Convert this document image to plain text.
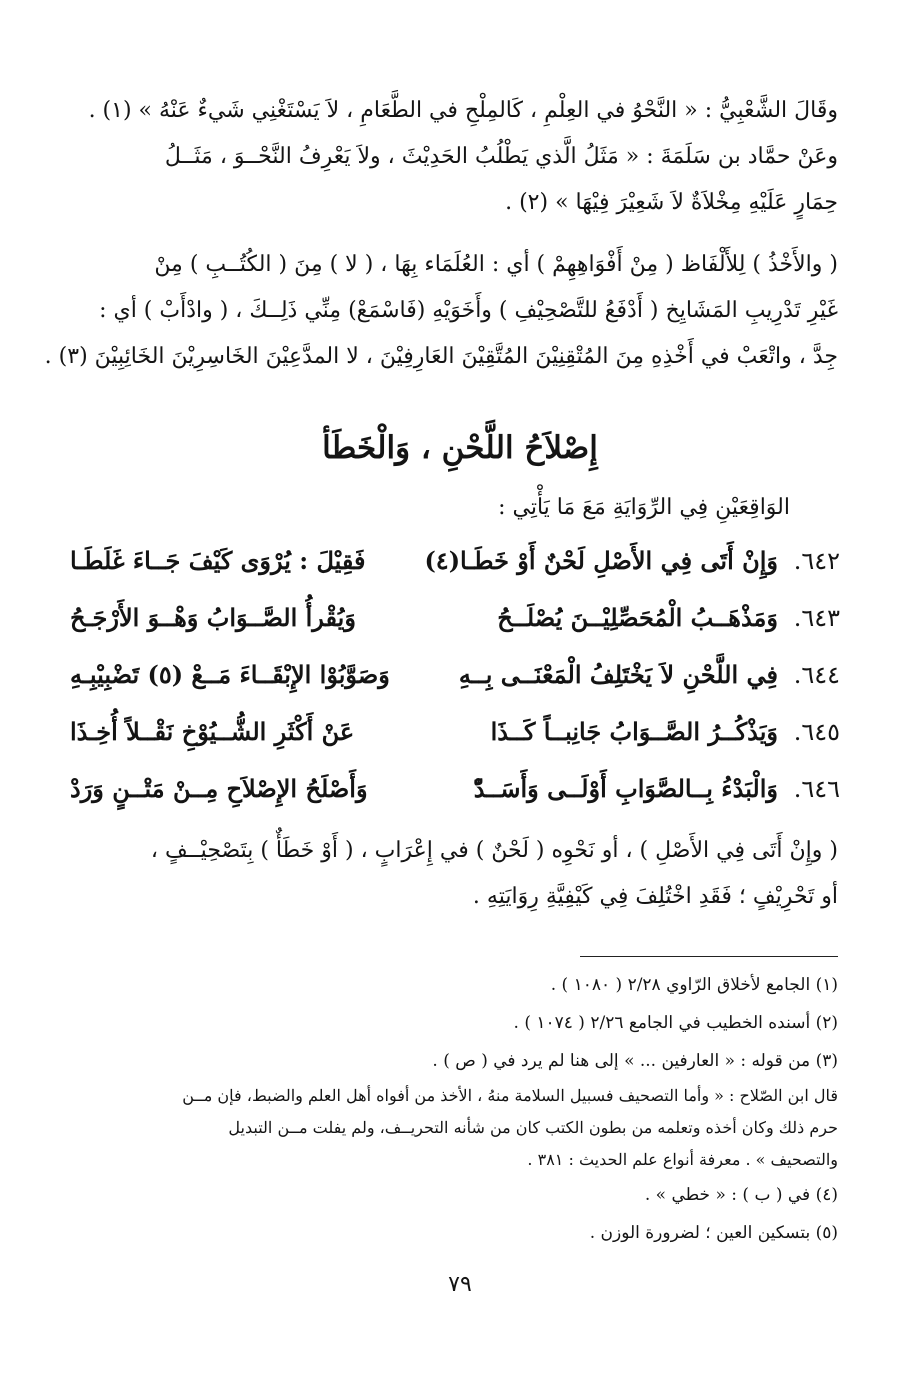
وقَالَ الشَّعْبِيُّ : « النَّحْوُ في العِلْمِ ، كَالمِلْحِ في الطَّعَامِ ، لاَ يَسْتَغْنِي شَيءٌ عَنْهُ » (١) .
وعَنْ حمَّاد بن سَلَمَةَ : « مَثَلُ الَّذي يَطْلُبُ الحَدِيْثَ ، ولاَ يَعْرِفُ النَّحْــوَ ، مَثَــلُ
حِمَارٍ عَلَيْهِ مِخْلاَةٌ لاَ شَعِيْرَ فِيْهَا » (٢) .
( والأَخْذُ ) لِلأَلْفَاظ ( مِنْ أَفْوَاهِهِمْ ) أي : العُلَمَاء بِهَا ، ( لا ) مِنَ ( الكُتُــبِ ) مِنْ
غَيْرِ تَدْرِيبِ المَشَايِخ ( أَدْفَعُ للتَّصْحِيْفِ ) وأَخَوَيْهِ (فَاسْمَعْ) مِنِّي ذَلِــكَ ، ( وادْأَبْ ) أي :
جِدَّ ، واتْعَبْ في أَخْذِهِ مِنَ المُتْقِنِيْنَ المُتَّقِيْنَ العَارِفِيْنَ ، لا المدَّعِيْنَ الخَاسِرِيْنَ الخَائِبِيْنَ (٣) .
إِصْلاَحُ اللَّحْنِ ، وَالْخَطَأ
الوَاقِعَيْنِ فِي الرِّوَايَةِ مَعَ مَا يَأْتِي :
٦٤٢.
وَإِنْ أَتَى فِي الأَصْلِ لَحْنٌ أَوْ خَطَـا(٤)
فَقِيْلَ : يُرْوَى كَيْفَ جَــاءَ غَلَطَـا
٦٤٣.
وَمَذْهَــبُ الْمُحَصِّلِيْــنَ يُصْلَــحُ
وَيُقْرأُ الصَّــوَابُ وَهْــوَ الأَرْجَـحُ
٦٤٤.
فِي اللَّحْنِ لاَ يَخْتَلِفُ الْمَعْنَــى بِــهِ
وَصَوَّبُوْا الإِبْقَــاءَ مَــعْ (٥) تَضْبِيْبِـهِ
٦٤٥.
وَيَذْكُــرُ الصَّــوَابُ جَانِبــاً كَــذَا
عَنْ أَكْثَرِ الشُّــيُوْخِ نَقْــلاً أُخِـذَا
٦٤٦.
وَالْبَدْءُ بِــالصَّوَابِ أَوْلَــى وَأَسَــدّْ
وَأَصْلَحُ الإِصْلاَحِ مِــنْ مَتْــنٍ وَرَدْ
( وإِنْ أَتَى فِي الأَصْلِ ) ، أو نَحْوِه ( لَحْنٌ ) في إِعْرَابٍ ، ( أَوْ خَطَأٌ ) بِتَصْحِيْــفٍ ،
أو تَحْرِيْفٍ ؛ فَقَدِ اخْتُلِفَ فِي كَيْفِيَّةِ رِوَايَتِهِ .
(١) الجامع لأخلاق الرّاوي ٢/٢٨ ( ١٠٨٠ ) .
(٢) أسنده الخطيب في الجامع ٢/٢٦ ( ١٠٧٤ ) .
(٣) من قوله : « العارفين ... » إلى هنا لم يرد في ( ص ) .
قال ابن الصّلاح : « وأما التصحيف فسبيل السلامة منهُ ، الأخذ من أفواه أهل العلم والضبط، فإن مــن
حرم ذلك وكان أخذه وتعلمه من بطون الكتب كان من شأنه التحريــف، ولم يفلت مــن التبديل
والتصحيف » . معرفة أنواع علم الحديث : ٣٨١ .
(٤) في ( ب ) : « خطي » .
(٥) بتسكين العين ؛ لضرورة الوزن .
٧٩
